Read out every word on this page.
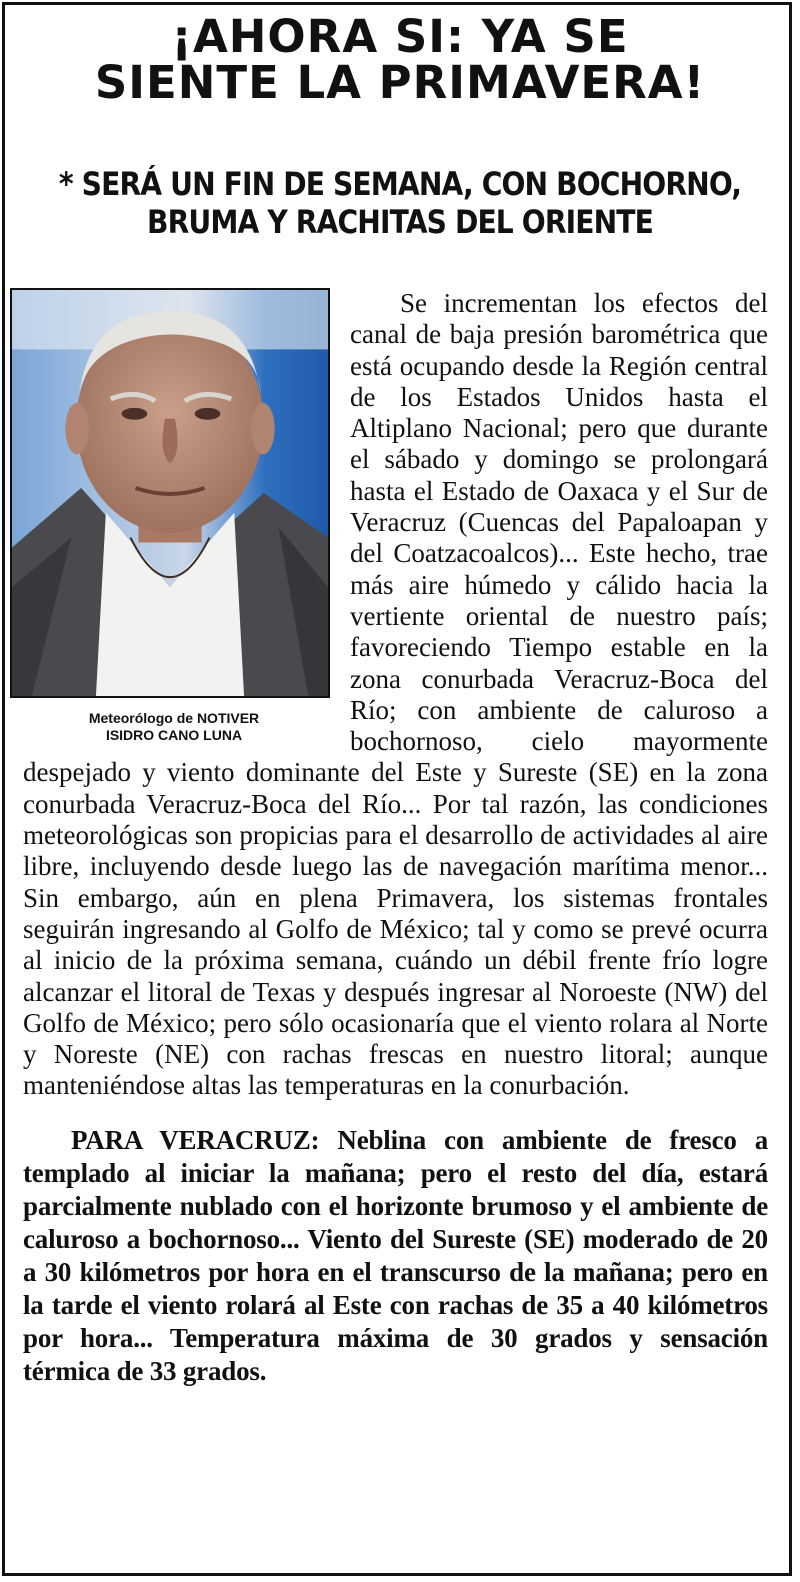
¡AHORA SI: YA SE
SIENTE LA PRIMAVERA!
* SERÁ UN FIN DE SEMANA, CON BOCHORNO,
BRUMA Y RACHITAS DEL ORIENTE
Meteorólogo de NOTIVER
ISIDRO CANO LUNA

Se incrementan los efectos del canal de baja presión barométrica que está ocupando desde la Región central de los Estados Unidos hasta el Altiplano Nacional; pero que durante el sábado y domingo se prolongará hasta el Estado de Oaxaca y el Sur de Veracruz (Cuencas del Papaloapan y del Coatzacoalcos)... Este hecho, trae más aire húmedo y cálido hacia la vertiente oriental de nuestro país; favoreciendo Tiempo estable en la zona conurbada Veracruz-Boca del Río; con ambiente de caluroso a bochornoso, cielo mayormente despejado y viento dominante del Este y Sureste (SE) en la zona conurbada Veracruz-Boca del Río... Por tal razón, las condiciones meteorológicas son propicias para el desarrollo de actividades al aire libre, incluyendo desde luego las de navegación marítima menor... Sin embargo, aún en plena Primavera, los sistemas frontales seguirán ingresando al Golfo de México; tal y como se prevé ocurra al inicio de la próxima semana, cuándo un débil frente frío logre alcanzar el litoral de Texas y después ingresar al Noroeste (NW) del Golfo de México; pero sólo ocasionaría que el viento rolara al Norte y Noreste (NE) con rachas frescas en nuestro litoral; aunque manteniéndose altas las temperaturas en la conurbación.

PARA VERACRUZ: Neblina con ambiente de fresco a templado al iniciar la mañana; pero el resto del día, estará parcialmente nublado con el horizonte brumoso y el ambiente de caluroso a bochornoso... Viento del Sureste (SE) moderado de 20 a 30 kilómetros por hora en el transcurso de la mañana; pero en la tarde el viento rolará al Este con rachas de 35 a 40 kilómetros por hora... Temperatura máxima de 30 grados y sensación térmica de 33 grados.
